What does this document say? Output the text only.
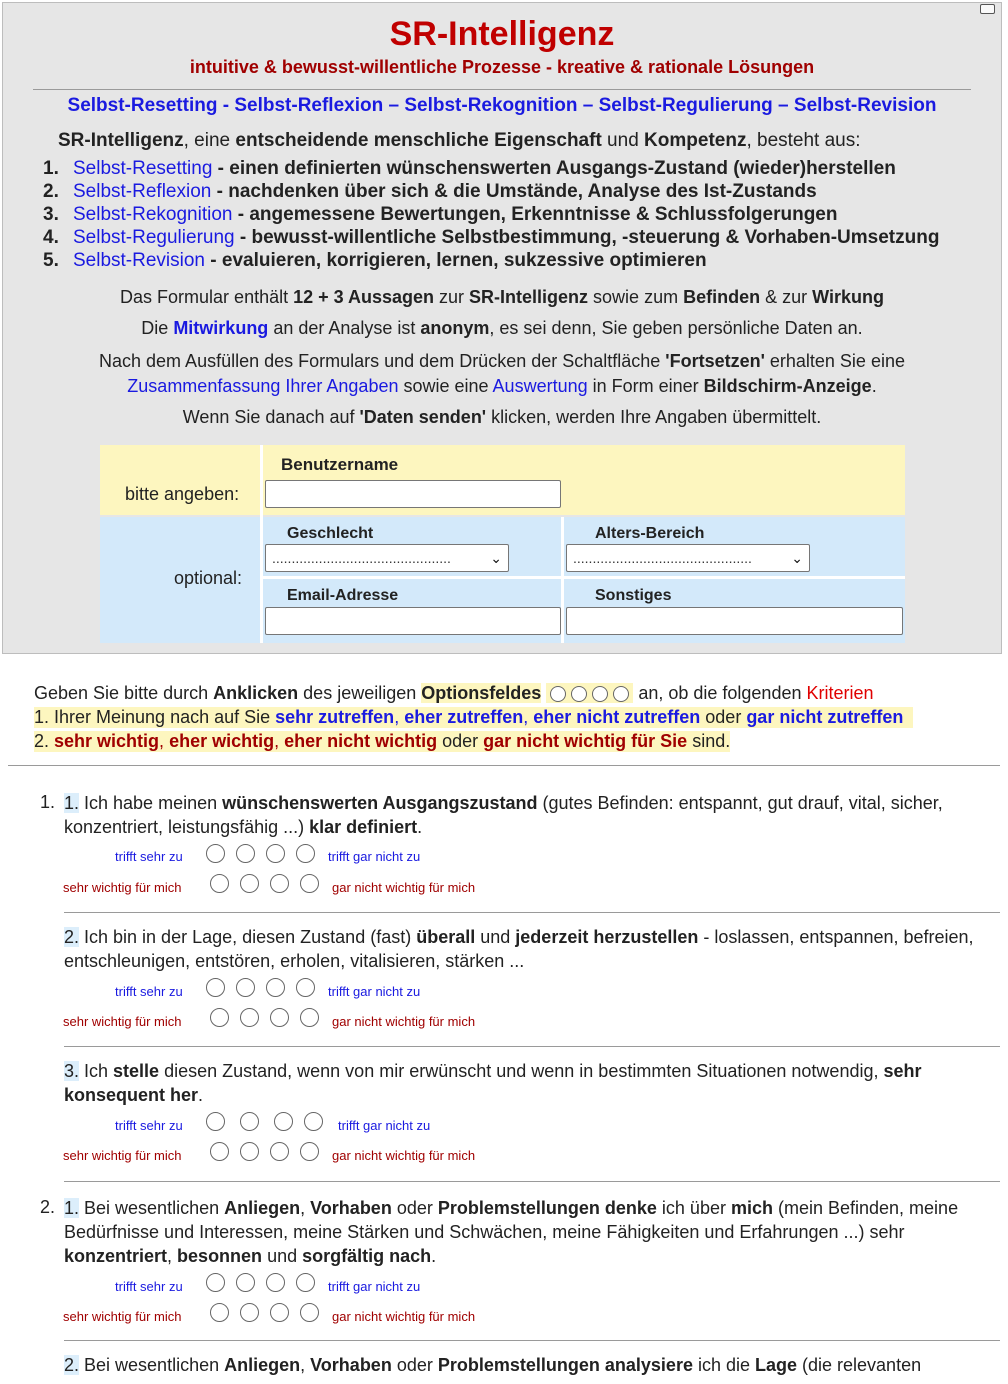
SR-Intelligenz
intuitive & bewusst-willentliche Prozesse - kreative & rationale Lösungen
Selbst-Resetting - Selbst-Reflexion – Selbst-Rekognition – Selbst-Regulierung – Selbst-Revision
SR-Intelligenz, eine entscheidende menschliche Eigenschaft und Kompetenz, besteht aus:
1. Selbst-Resetting - einen definierten wünschenswerten Ausgangs-Zustand (wieder)herstellen
2. Selbst-Reflexion - nachdenken über sich & die Umstände, Analyse des Ist-Zustands
3. Selbst-Rekognition - angemessene Bewertungen, Erkenntnisse & Schlussfolgerungen
4. Selbst-Regulierung - bewusst-willentliche Selbstbestimmung, -steuerung & Vorhaben-Umsetzung
5. Selbst-Revision - evaluieren, korrigieren, lernen, sukzessive optimieren
Das Formular enthält 12 + 3 Aussagen zur SR-Intelligenz sowie zum Befinden & zur Wirkung
Die Mitwirkung an der Analyse ist anonym, es sei denn, Sie geben persönliche Daten an.
Nach dem Ausfüllen des Formulars und dem Drücken der Schaltfläche 'Fortsetzen' erhalten Sie eine
Zusammenfassung Ihrer Angaben sowie eine Auswertung in Form einer Bildschirm-Anzeige.
Wenn Sie danach auf 'Daten senden' klicken, werden Ihre Angaben übermittelt.
bitte angeben:
Benutzername
optional:
Geschlecht
..............................................	⌄
Alters-Bereich
..............................................	⌄
Email-Adresse	Sonstiges
Geben Sie bitte durch Anklicken des jeweiligen Optionsfeldes	an, ob die folgenden Kriterien
1. Ihrer Meinung nach auf Sie sehr zutreffen, eher zutreffen, eher nicht zutreffen oder gar nicht zutreffen
2. sehr wichtig, eher wichtig, eher nicht wichtig oder gar nicht wichtig für Sie sind.
1. 1. Ich habe meinen wünschenswerten Ausgangszustand (gutes Befinden: entspannt, gut drauf, vital, sicher, konzentriert, leistungsfähig ...) klar definiert.
trifft sehr zu	trifft gar nicht zu
sehr wichtig für mich	gar nicht wichtig für mich
2. Ich bin in der Lage, diesen Zustand (fast) überall und jederzeit herzustellen - loslassen, entspannen, befreien, entschleunigen, entstören, erholen, vitalisieren, stärken ...
trifft sehr zu	trifft gar nicht zu
sehr wichtig für mich	gar nicht wichtig für mich
3. Ich stelle diesen Zustand, wenn von mir erwünscht und wenn in bestimmten Situationen notwendig, sehr konsequent her.
trifft sehr zu	trifft gar nicht zu
sehr wichtig für mich	gar nicht wichtig für mich
2. 1. Bei wesentlichen Anliegen, Vorhaben oder Problemstellungen denke ich über mich (mein Befinden, meine Bedürfnisse und Interessen, meine Stärken und Schwächen, meine Fähigkeiten und Erfahrungen ...) sehr konzentriert, besonnen und sorgfältig nach.
trifft sehr zu	trifft gar nicht zu
sehr wichtig für mich	gar nicht wichtig für mich
2. Bei wesentlichen Anliegen, Vorhaben oder Problemstellungen analysiere ich die Lage (die relevanten
